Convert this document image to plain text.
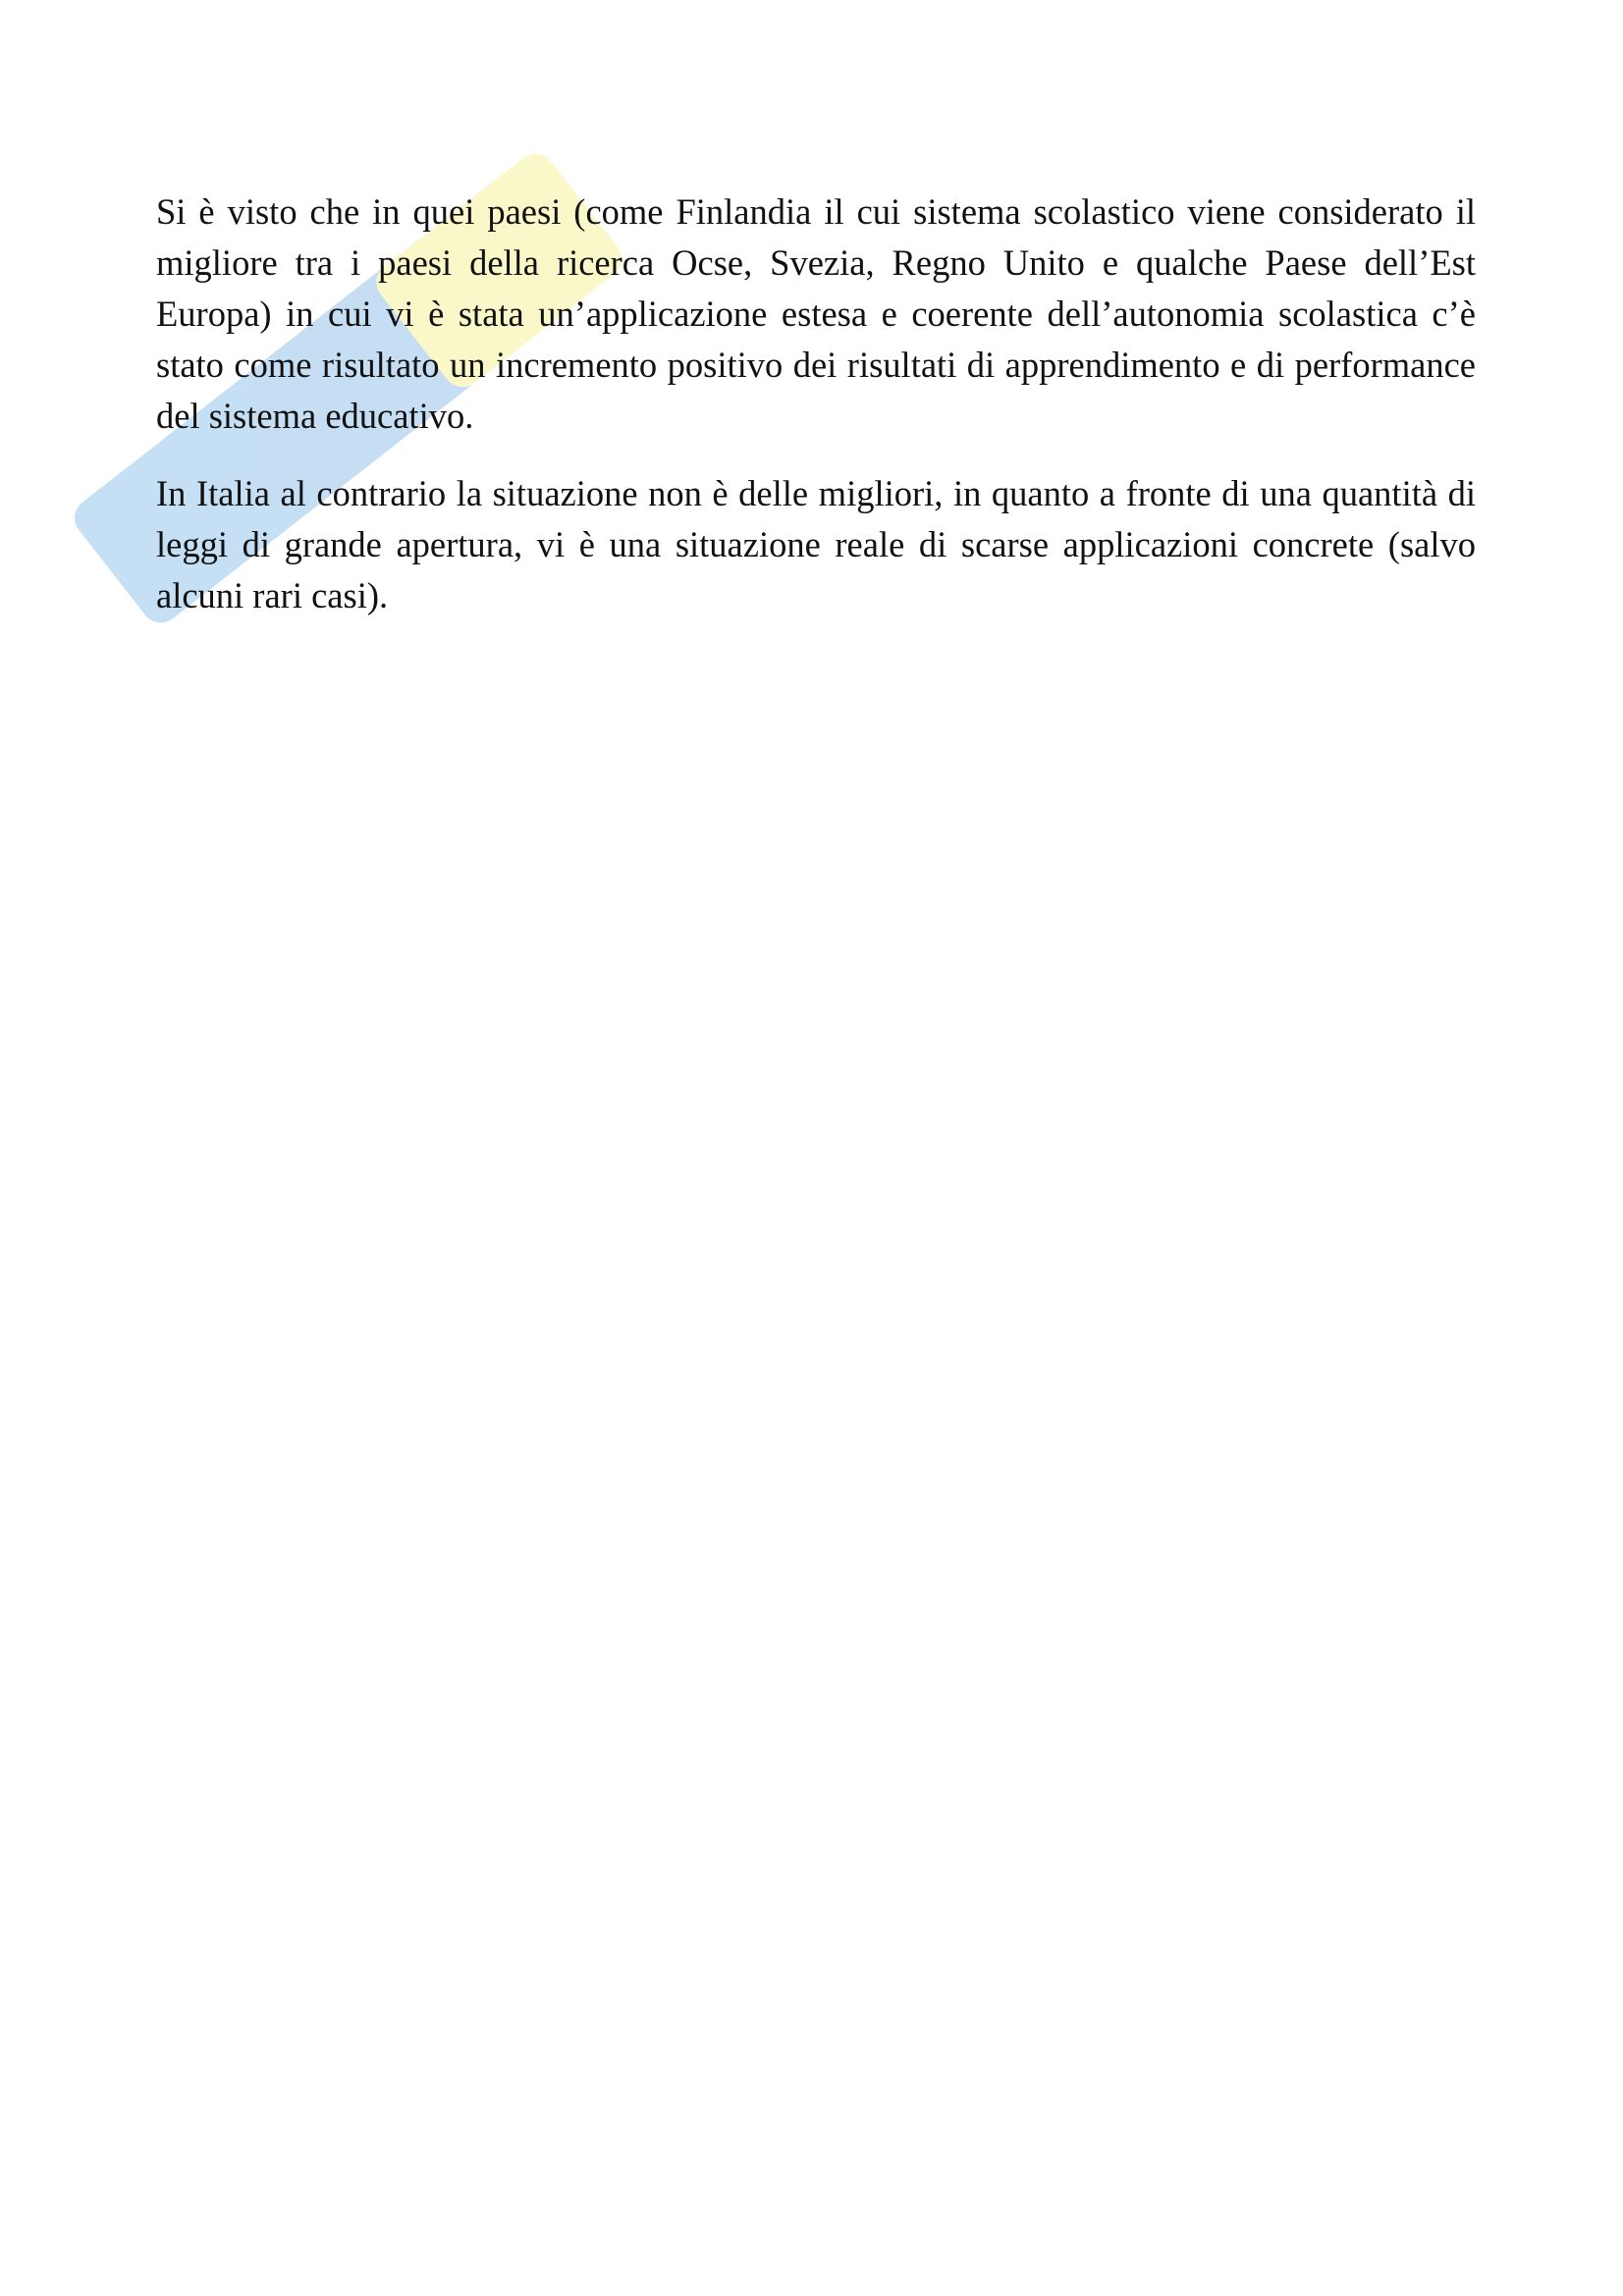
Si è visto che in quei paesi (come Finlandia il cui sistema scolastico viene considerato il migliore tra i paesi della ricerca Ocse, Svezia, Regno Unito e qualche Paese dell’Est Europa) in cui vi è stata un’applicazione estesa e coerente dell’autonomia scolastica c’è stato come risultato un incremento positivo dei risultati di apprendimento e di performance del sistema educativo.

In Italia al contrario la situazione non è delle migliori, in quanto a fronte di una quantità di leggi di grande apertura, vi è una situazione reale di scarse applicazioni concrete (salvo alcuni rari casi).
